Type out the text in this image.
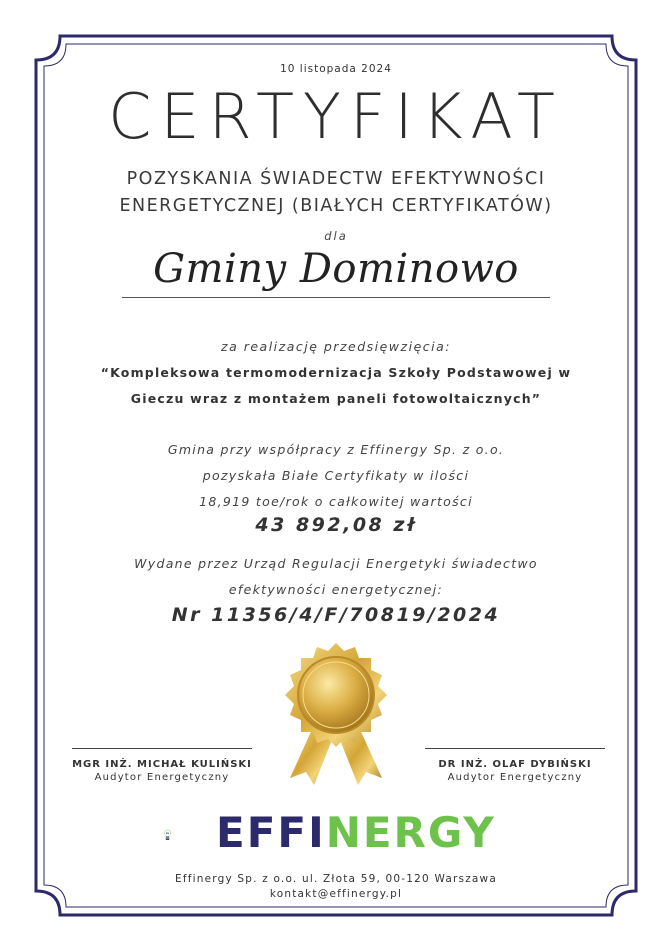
10 listopada 2024
CERTYFIKAT
POZYSKANIA ŚWIADECTW EFEKTYWNOŚCI
ENERGETYCZNEJ (BIAŁYCH CERTYFIKATÓW)
dla
Gminy Dominowo
za realizację przedsięwzięcia:
“Kompleksowa termomodernizacja Szkoły Podstawowej w
Gieczu wraz z montażem paneli fotowoltaicznych”
Gmina przy współpracy z Effinergy Sp. z o.o.
pozyskała Białe Certyfikaty w ilości
18,919 toe/rok o całkowitej wartości
43 892,08 zł
Wydane przez Urząd Regulacji Energetyki świadectwo
efektywności energetycznej:
Nr 11356/4/F/70819/2024
MGR INŻ. MICHAŁ KULIŃSKI
Audytor Energetyczny
DR INŻ. OLAF DYBIŃSKI
Audytor Energetyczny
EN EFFINERGY
Effinergy Sp. z o.o. ul. Złota 59, 00-120 Warszawa
kontakt@effinergy.pl
